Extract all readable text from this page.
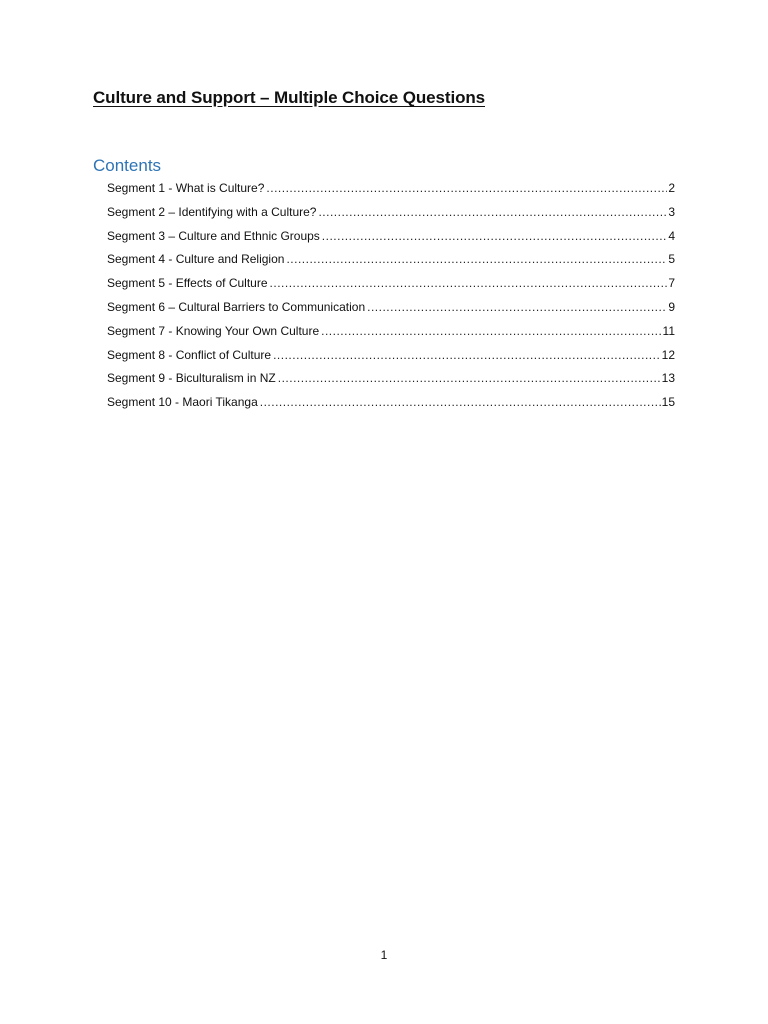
Culture and Support – Multiple Choice Questions
Contents
Segment 1 - What is Culture? .....	2
Segment 2 – Identifying with a Culture? .....	3
Segment 3 – Culture and Ethnic Groups .....	4
Segment 4 - Culture and Religion .....	5
Segment 5 - Effects of Culture .....	7
Segment 6 – Cultural Barriers to Communication .....	9
Segment 7 - Knowing Your Own Culture .....	11
Segment 8 - Conflict of Culture .....	12
Segment 9 - Biculturalism in NZ .....	13
Segment 10 - Maori Tikanga .....	15
1
